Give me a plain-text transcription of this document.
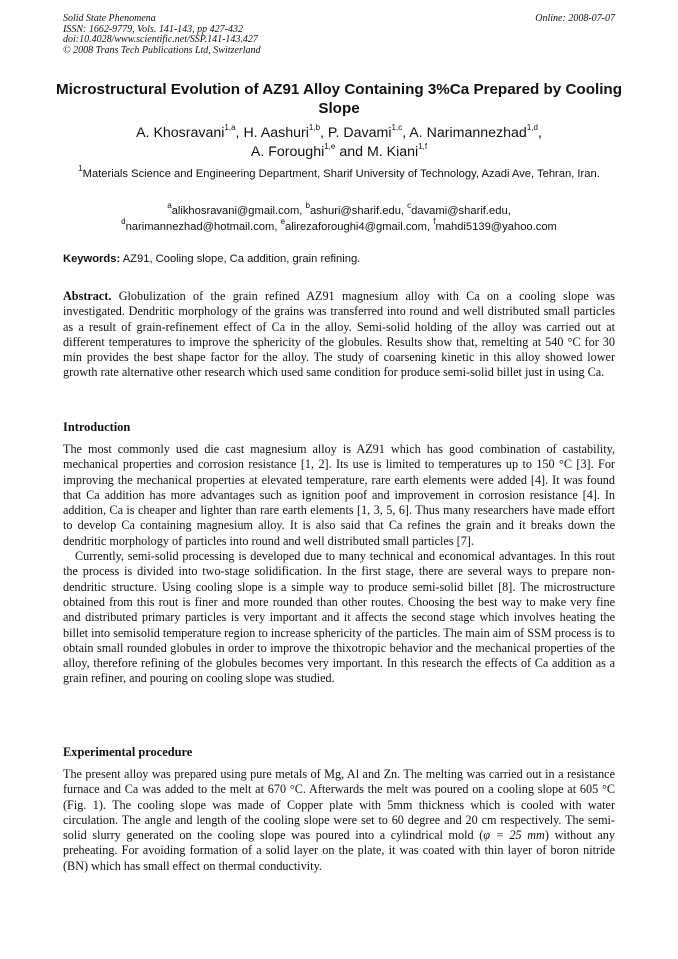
Solid State Phenomena
ISSN: 1662-9779, Vols. 141-143, pp 427-432
doi:10.4028/www.scientific.net/SSP.141-143.427
© 2008 Trans Tech Publications Ltd, Switzerland
Online: 2008-07-07
Microstructural Evolution of AZ91 Alloy Containing 3%Ca Prepared by Cooling Slope
A. Khosravani$^{1,a}$, H. Aashuri$^{1,b}$, P. Davami$^{1,c}$, A. Narimannezhad$^{1,d}$,
A. Foroughi$^{1,e}$ and M. Kiani$^{1,f}$
$^1$Materials Science and Engineering Department, Sharif University of Technology, Azadi Ave, Tehran, Iran.
$^a$alikhosravani@gmail.com, $^b$ashuri@sharif.edu, $^c$davami@sharif.edu,
$^d$narimannezhad@hotmail.com, $^e$alirezaforoughi4@gmail.com, $^f$mahdi5139@yahoo.com
Keywords: AZ91, Cooling slope, Ca addition, grain refining.
Abstract. Globulization of the grain refined AZ91 magnesium alloy with Ca on a cooling slope was investigated. Dendritic morphology of the grains was transferred into round and well distributed small particles as a result of grain-refinement effect of Ca in the alloy. Semi-solid holding of the alloy was carried out at different temperatures to improve the sphericity of the globules. Results show that, remelting at 540 °C for 30 min provides the best shape factor for the alloy. The study of coarsening kinetic in this alloy showed lower growth rate alternative other research which used same condition for produce semi-solid billet just in using Ca.
Introduction

The most commonly used die cast magnesium alloy is AZ91 which has good combination of castability, mechanical properties and corrosion resistance [1, 2]. Its use is limited to temperatures up to 150 °C [3]. For improving the mechanical properties at elevated temperature, rare earth elements were added [4]. It was found that Ca addition has more advantages such as ignition poof and improvement in corrosion resistance [4]. In addition, Ca is cheaper and lighter than rare earth elements [1, 3, 5, 6]. Thus many researchers have made effort to develop Ca containing magnesium alloy. It is also said that Ca refines the grain and it breaks down the dendritic morphology of particles into round and well distributed small particles [7].

Currently, semi-solid processing is developed due to many technical and economical advantages. In this rout the process is divided into two-stage solidification. In the first stage, there are several ways to prepare non-dendritic structure. Using cooling slope is a simple way to produce semi-solid billet [8]. The microstructure obtained from this rout is finer and more rounded than other routes. Choosing the best way to make very fine and distributed primary particles is very important and it affects the second stage which involves heating the billet into semisolid temperature region to increase sphericity of the particles. The main aim of SSM process is to obtain small rounded globules in order to improve the thixotropic behavior and the mechanical properties of the alloy, therefore refining of the globules becomes very important. In this research the effects of Ca addition as a grain refiner, and pouring on cooling slope was studied.

Experimental procedure
The present alloy was prepared using pure metals of Mg, Al and Zn. The melting was carried out in a resistance furnace and Ca was added to the melt at 670 °C. Afterwards the melt was poured on a cooling slope at 605 °C (Fig. 1). The cooling slope was made of Copper plate with 5mm thickness which is cooled with water circulation. The angle and length of the cooling slope were set to 60 degree and 20 cm respectively. The semi-solid slurry generated on the cooling slope was poured into a cylindrical mold (φ = 25 mm) without any preheating. For avoiding formation of a solid layer on the plate, it was coated with thin layer of boron nitride (BN) which has small effect on thermal conductivity.
